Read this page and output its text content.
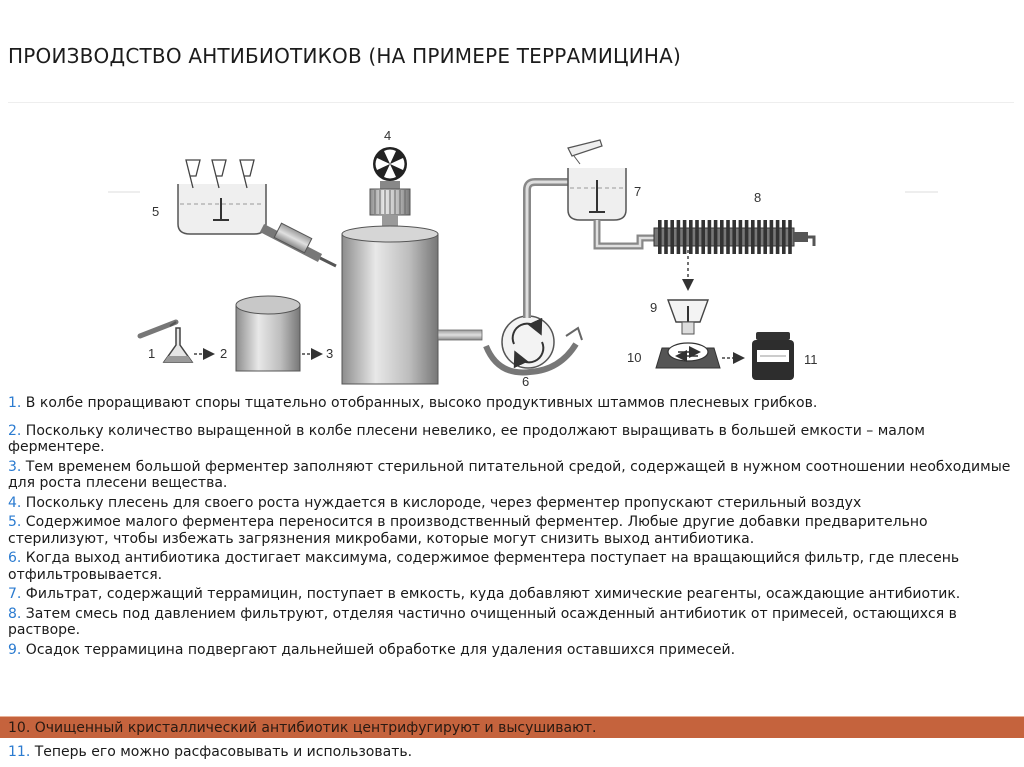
ПРОИЗВОДСТВО АНТИБИОТИКОВ (НА ПРИМЕРЕ ТЕРРАМИЦИНА)
1	2	3
4
5
6
7	8
9
10	11

1. В колбе проращивают споры тщательно отобранных, высоко продуктивных штаммов плесневых грибков.

2. Поскольку количество выращенной в колбе плесени невелико, ее продолжают выращивать в большей емкости – малом ферментере.

3. Тем временем большой ферментер заполняют стерильной питательной средой, содержащей в нужном соотношении необходимые для роста плесени вещества.

4. Поскольку плесень для своего роста нуждается в кислороде, через ферментер пропускают стерильный воздух

5. Содержимое малого ферментера переносится в производственный ферментер. Любые другие добавки предварительно стерилизуют, чтобы избежать загрязнения микробами, которые могут снизить выход антибиотика.

6. Когда выход антибиотика достигает максимума, содержимое ферментера поступает на вращающийся фильтр, где плесень отфильтровывается.

7. Фильтрат, содержащий террамицин, поступает в емкость, куда добавляют химические реагенты, осаждающие антибиотик.

8. Затем смесь под давлением фильтруют, отделяя частично очищенный осажденный антибиотик от примесей, остающихся в растворе.

9. Осадок террамицина подвергают дальнейшей обработке для удаления оставшихся примесей.

10. Очищенный кристаллический антибиотик центрифугируют и высушивают.
11. Теперь его можно расфасовывать и использовать.
